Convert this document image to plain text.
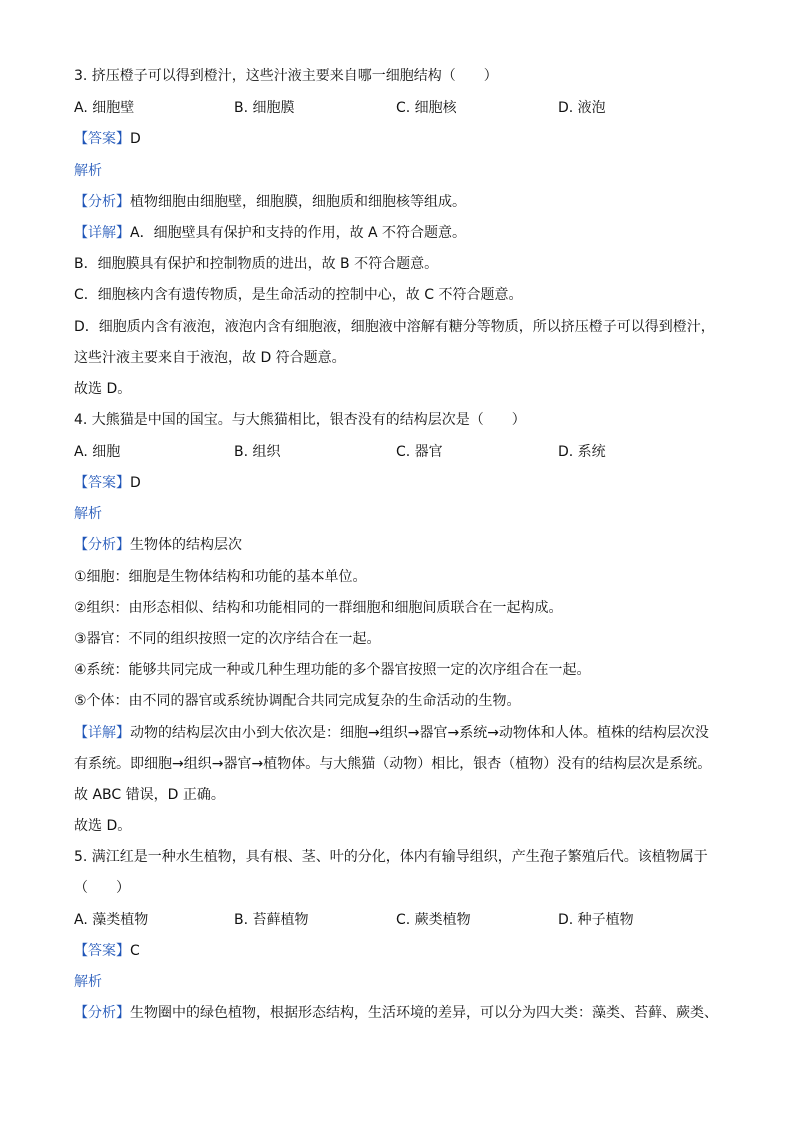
3. 挤压橙子可以得到橙汁，这些汁液主要来自哪一细胞结构（　　）
A. 细胞壁	B. 细胞膜	C. 细胞核	D. 液泡
【答案】D
解析
【分析】植物细胞由细胞壁，细胞膜，细胞质和细胞核等组成。
【详解】A．细胞壁具有保护和支持的作用，故 A 不符合题意。
B．细胞膜具有保护和控制物质的进出，故 B 不符合题意。
C．细胞核内含有遗传物质，是生命活动的控制中心，故 C 不符合题意。
D．细胞质内含有液泡，液泡内含有细胞液，细胞液中溶解有糖分等物质，所以挤压橙子可以得到橙汁，
这些汁液主要来自于液泡，故 D 符合题意。
故选 D。
4. 大熊猫是中国的国宝。与大熊猫相比，银杏没有的结构层次是（　　）
A. 细胞	B. 组织	C. 器官	D. 系统
【答案】D
解析
【分析】生物体的结构层次
①细胞：细胞是生物体结构和功能的基本单位。
②组织：由形态相似、结构和功能相同的一群细胞和细胞间质联合在一起构成。
③器官：不同的组织按照一定的次序结合在一起。
④系统：能够共同完成一种或几种生理功能的多个器官按照一定的次序组合在一起。
⑤个体：由不同的器官或系统协调配合共同完成复杂的生命活动的生物。
【详解】动物的结构层次由小到大依次是：细胞→组织→器官→系统→动物体和人体。植株的结构层次没
有系统。即细胞→组织→器官→植物体。与大熊猫（动物）相比，银杏（植物）没有的结构层次是系统。
故 ABC 错误，D 正确。
故选 D。
5. 满江红是一种水生植物，具有根、茎、叶的分化，体内有输导组织，产生孢子繁殖后代。该植物属于
（　　）
A. 藻类植物	B. 苔藓植物	C. 蕨类植物	D. 种子植物
【答案】C
解析
【分析】生物圈中的绿色植物，根据形态结构，生活环境的差异，可以分为四大类：藻类、苔藓、蕨类、
